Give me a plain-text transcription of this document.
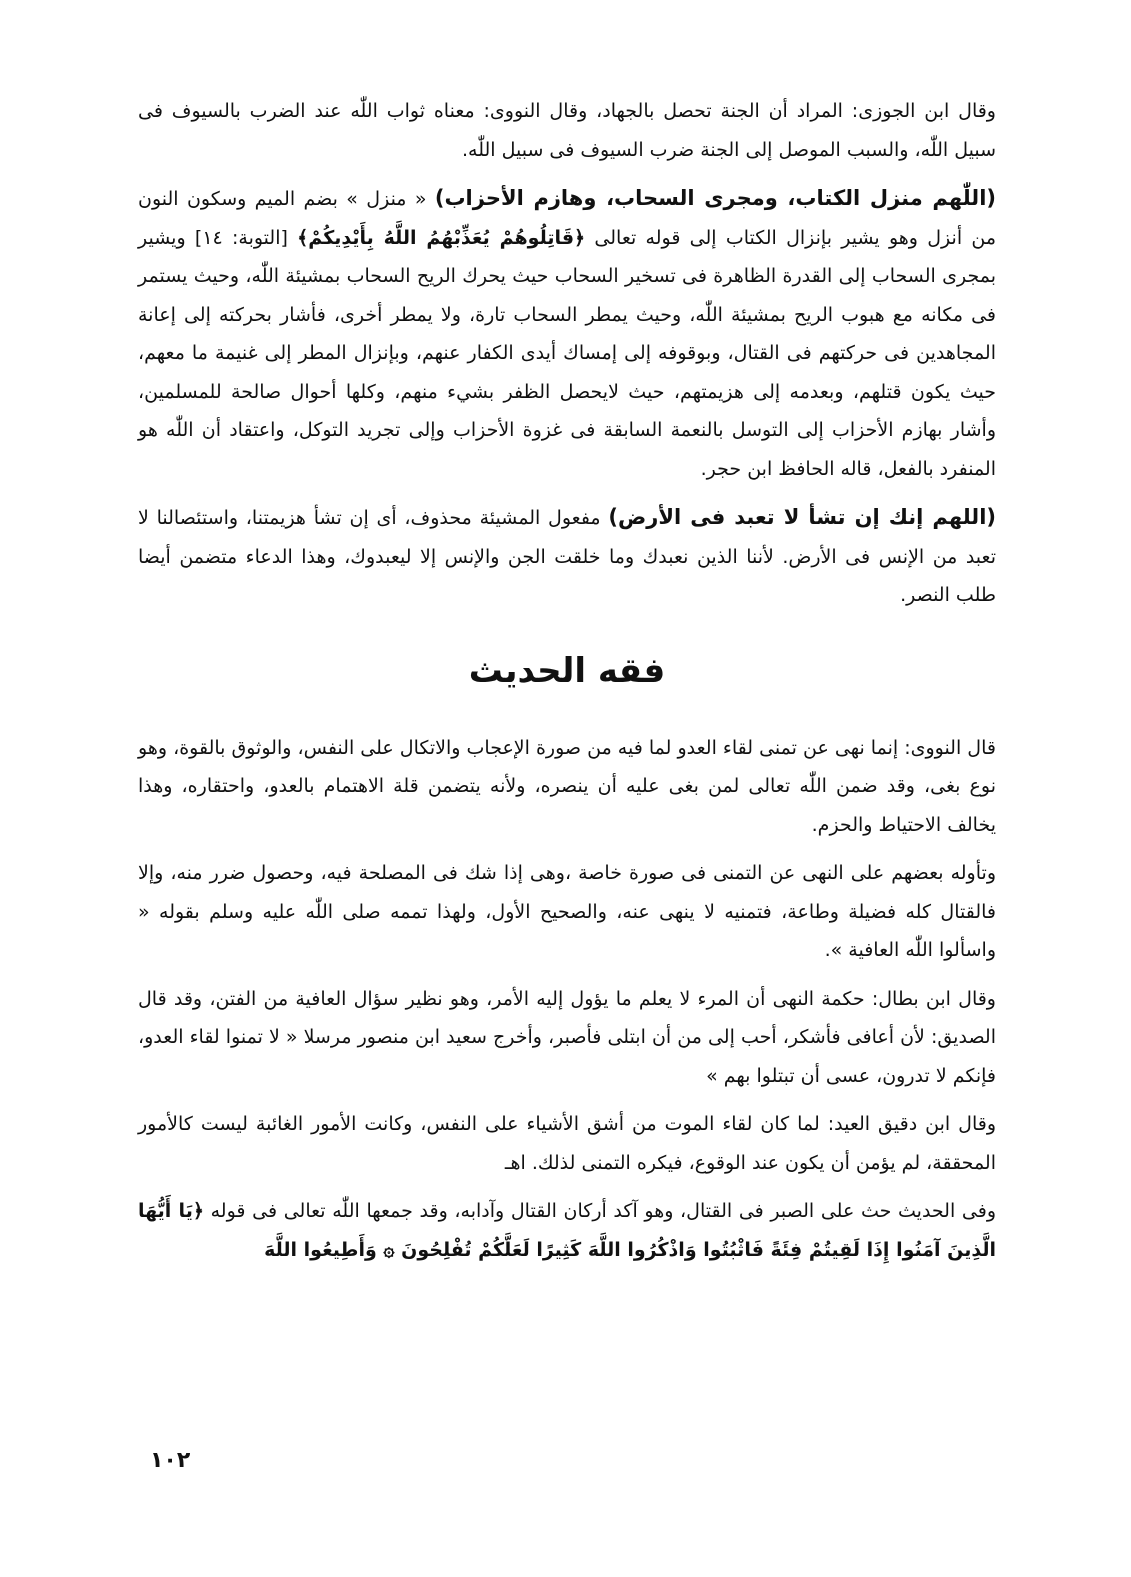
وقال ابن الجوزى: المراد أن الجنة تحصل بالجهاد، وقال النووى: معناه ثواب اللّٰه عند الضرب بالسيوف فى سبيل اللّٰه، والسبب الموصل إلى الجنة ضرب السيوف فى سبيل اللّٰه.

(اللّٰهم منزل الكتاب، ومجرى السحاب، وهازم الأحزاب) « منزل » بضم الميم وسكون النون من أنزل وهو يشير بإنزال الكتاب إلى قوله تعالى ﴿قَاتِلُوهُمْ يُعَذِّبْهُمُ اللَّهُ بِأَيْدِيكُمْ﴾ [التوبة: ١٤] ويشير بمجرى السحاب إلى القدرة الظاهرة فى تسخير السحاب حيث يحرك الريح السحاب بمشيئة اللّٰه، وحيث يستمر فى مكانه مع هبوب الريح بمشيئة اللّٰه، وحيث يمطر السحاب تارة، ولا يمطر أخرى، فأشار بحركته إلى إعانة المجاهدين فى حركتهم فى القتال، وبوقوفه إلى إمساك أيدى الكفار عنهم، وبإنزال المطر إلى غنيمة ما معهم، حيث يكون قتلهم، وبعدمه إلى هزيمتهم، حيث لايحصل الظفر بشيء منهم، وكلها أحوال صالحة للمسلمين، وأشار بهازم الأحزاب إلى التوسل بالنعمة السابقة فى غزوة الأحزاب وإلى تجريد التوكل، واعتقاد أن اللّٰه هو المنفرد بالفعل، قاله الحافظ ابن حجر.

(اللهم إنك إن تشأ لا تعبد فى الأرض) مفعول المشيئة محذوف، أى إن تشأ هزيمتنا، واستئصالنا لا تعبد من الإنس فى الأرض. لأننا الذين نعبدك وما خلقت الجن والإنس إلا ليعبدوك، وهذا الدعاء متضمن أيضا طلب النصر.

فقه الحديث

قال النووى: إنما نهى عن تمنى لقاء العدو لما فيه من صورة الإعجاب والاتكال على النفس، والوثوق بالقوة، وهو نوع بغى، وقد ضمن اللّٰه تعالى لمن بغى عليه أن ينصره، ولأنه يتضمن قلة الاهتمام بالعدو، واحتقاره، وهذا يخالف الاحتياط والحزم.

وتأوله بعضهم على النهى عن التمنى فى صورة خاصة ،وهى إذا شك فى المصلحة فيه، وحصول ضرر منه، وإلا فالقتال كله فضيلة وطاعة، فتمنيه لا ينهى عنه، والصحيح الأول، ولهذا تممه صلى اللّٰه عليه وسلم بقوله « واسألوا اللّٰه العافية ».

وقال ابن بطال: حكمة النهى أن المرء لا يعلم ما يؤول إليه الأمر، وهو نظير سؤال العافية من الفتن، وقد قال الصديق: لأن أعافى فأشكر، أحب إلى من أن ابتلى فأصبر، وأخرج سعيد ابن منصور مرسلا « لا تمنوا لقاء العدو، فإنكم لا تدرون، عسى أن تبتلوا بهم »

وقال ابن دقيق العيد: لما كان لقاء الموت من أشق الأشياء على النفس، وكانت الأمور الغائبة ليست كالأمور المحققة، لم يؤمن أن يكون عند الوقوع، فيكره التمنى لذلك. اهـ

وفى الحديث حث على الصبر فى القتال، وهو آكد أركان القتال وآدابه، وقد جمعها اللّٰه تعالى فى قوله ﴿يَا أَيُّهَا الَّذِينَ آمَنُوا إِذَا لَقِيتُمْ فِئَةً فَاثْبُتُوا وَاذْكُرُوا اللَّهَ كَثِيرًا لَعَلَّكُمْ تُفْلِحُونَ ۞ وَأَطِيعُوا اللَّهَ

١٠٢
